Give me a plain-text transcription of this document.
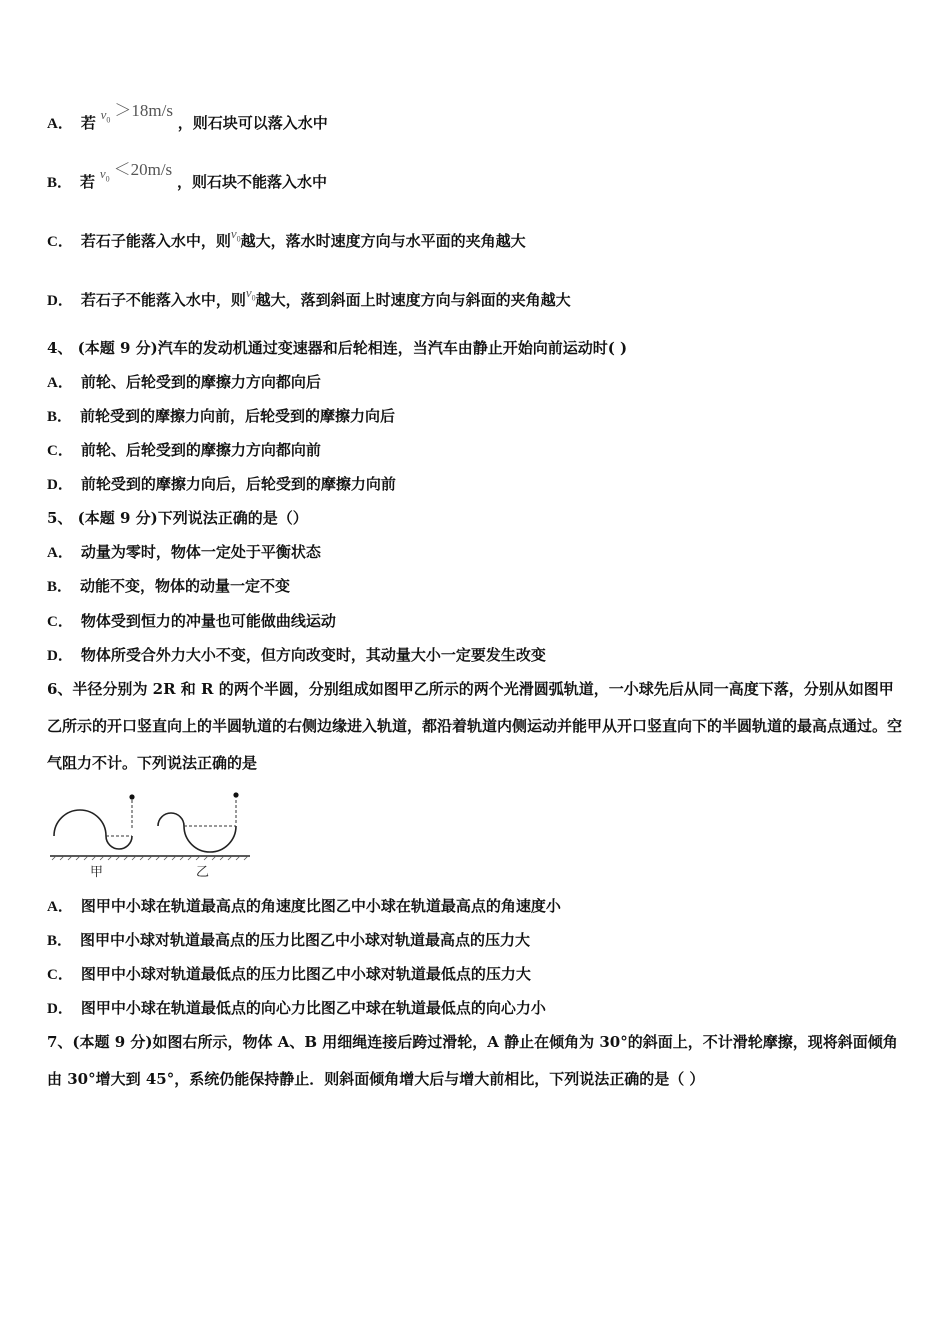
A． 若 $v_0>18m/s$ ，则石块可以落入水中
B． 若 $v_0<20m/s$ ，则石块不能落入水中
C． 若石子能落入水中，则$v_0$越大，落水时速度方向与水平面的夹角越大
D． 若石子不能落入水中，则$v_0$越大，落到斜面上时速度方向与斜面的夹角越大
4、 (本题 9 分)汽车的发动机通过变速器和后轮相连，当汽车由静止开始向前运动时( )
A． 前轮、后轮受到的摩擦力方向都向后
B． 前轮受到的摩擦力向前，后轮受到的摩擦力向后
C． 前轮、后轮受到的摩擦力方向都向前
D． 前轮受到的摩擦力向后，后轮受到的摩擦力向前
5、 (本题 9 分)下列说法正确的是（）
A． 动量为零时，物体一定处于平衡状态
B． 动能不变，物体的动量一定不变
C． 物体受到恒力的冲量也可能做曲线运动
D． 物体所受合外力大小不变，但方向改变时，其动量大小一定要发生改变
6、半径分别为 2R 和 R 的两个半圆，分别组成如图甲乙所示的两个光滑圆弧轨道，一小球先后从同一高度下落，分别从如图甲乙所示的开口竖直向上的半圆轨道的右侧边缘进入轨道，都沿着轨道内侧运动并能甲从开口竖直向下的半圆轨道的最高点通过。空气阻力不计。下列说法正确的是
甲	乙
A． 图甲中小球在轨道最高点的角速度比图乙中小球在轨道最高点的角速度小
B． 图甲中小球对轨道最高点的压力比图乙中小球对轨道最高点的压力大
C． 图甲中小球对轨道最低点的压力比图乙中小球对轨道最低点的压力大
D． 图甲中小球在轨道最低点的向心力比图乙中球在轨道最低点的向心力小
7、(本题 9 分)如图右所示，物体 A、B 用细绳连接后跨过滑轮，A 静止在倾角为 30°的斜面上，不计滑轮摩擦，现将斜面倾角由 30°增大到 45°，系统仍能保持静止．则斜面倾角增大后与增大前相比，下列说法正确的是（ ）
